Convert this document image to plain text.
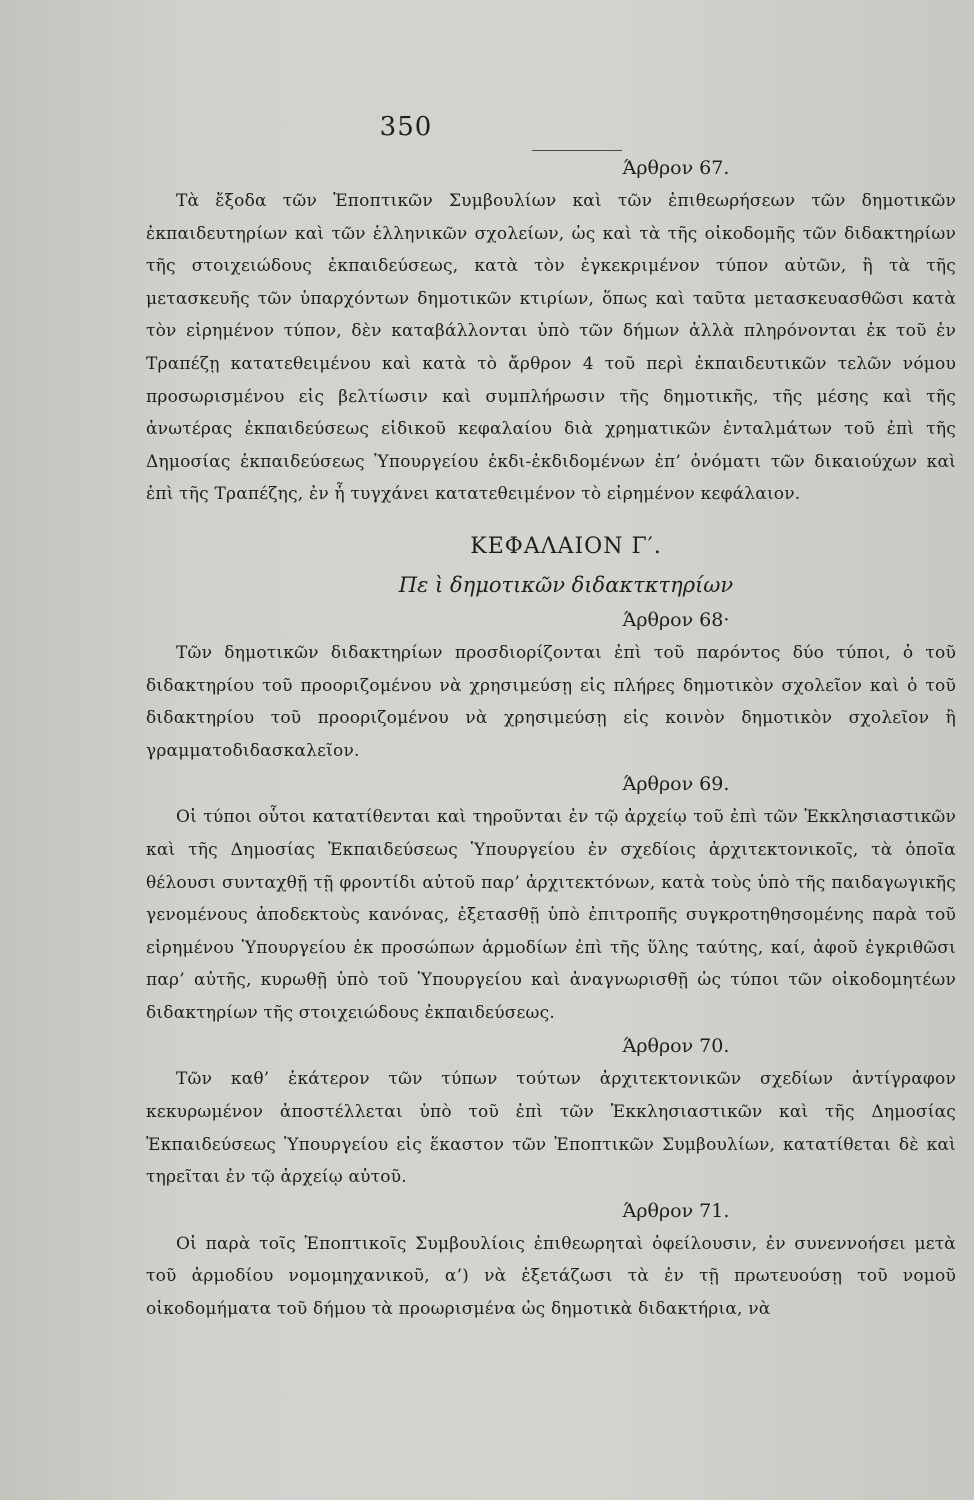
350
Άρθρον 67.

Τὰ ἔξοδα τῶν Ἐποπτικῶν Συμβουλίων καὶ τῶν ἐπιθεωρήσεων τῶν δημοτικῶν ἐκπαιδευτηρίων καὶ τῶν ἑλληνικῶν σχολείων, ὡς καὶ τὰ τῆς οἰκοδομῆς τῶν διδακτηρίων τῆς στοιχειώδους ἐκπαιδεύσεως, κατὰ τὸν ἐγκεκριμένον τύπον αὐτῶν, ἢ τὰ τῆς μετασκευῆς τῶν ὑπαρχόντων δημοτικῶν κτιρίων, ὅπως καὶ ταῦτα μετασκευασθῶσι κατὰ τὸν εἰρημένον τύπον, δὲν καταβάλλονται ὑπὸ τῶν δήμων ἀλλὰ πληρόνονται ἐκ τοῦ ἐν Τραπέζῃ κατατεθειμένου καὶ κατὰ τὸ ἄρθρον 4 τοῦ περὶ ἐκπαιδευτικῶν τελῶν νόμου προσωρισμένου εἰς βελτίωσιν καὶ συμπλήρωσιν τῆς δημοτικῆς, τῆς μέσης καὶ τῆς ἀνωτέρας ἐκπαιδεύσεως εἰδικοῦ κεφαλαίου διὰ χρηματικῶν ἐνταλμάτων τοῦ ἐπὶ τῆς Δημοσίας ἐκπαιδεύσεως Ὑπουργείου ἐκδι-ἐκδιδομένων ἐπ’ ὀνόματι τῶν δικαιούχων καὶ ἐπὶ τῆς Τραπέζης, ἐν ἧ τυγχάνει κατατεθειμένον τὸ εἰρημένον κεφάλαιον.

ΚΕΦΑΛΑΙΟΝ Γ′.
Πε ὶ δημοτικῶν διδακτκτηρίων
Άρθρον 68·

Τῶν δημοτικῶν διδακτηρίων προσδιορίζονται ἐπὶ τοῦ παρόντος δύο τύποι, ὁ τοῦ διδακτηρίου τοῦ προοριζομένου νὰ χρησιμεύσῃ εἰς πλήρες δημοτικὸν σχολεῖον καὶ ὁ τοῦ διδακτηρίου τοῦ προοριζομένου νὰ χρησιμεύσῃ εἰς κοινὸν δημοτικὸν σχολεῖον ἢ γραμματοδιδασκαλεῖον.

Άρθρον 69.

Οἱ τύποι οὗτοι κατατίθενται καὶ τηροῦνται ἐν τῷ ἀρχείῳ τοῦ ἐπὶ τῶν Ἐκκλησιαστικῶν καὶ τῆς Δημοσίας Ἐκπαιδεύσεως Ὑπουργείου ἐν σχεδίοις ἀρχιτεκτονικοῖς, τὰ ὁποῖα θέλουσι συνταχθῇ τῇ φροντίδι αὐτοῦ παρ’ ἀρχιτεκτόνων, κατὰ τοὺς ὑπὸ τῆς παιδαγωγικῆς γενομένους ἀποδεκτοὺς κανόνας, ἐξετασθῇ ὑπὸ ἐπιτροπῆς συγκροτηθησομένης παρὰ τοῦ εἰρημένου Ὑπουργείου ἐκ προσώπων ἁρμοδίων ἐπὶ τῆς ὕλης ταύτης, καί, ἀφοῦ ἐγκριθῶσι παρ’ αὐτῆς, κυρωθῇ ὑπὸ τοῦ Ὑπουργείου καὶ ἀναγνωρισθῇ ὡς τύποι τῶν οἰκοδομητέων διδακτηρίων τῆς στοιχειώδους ἐκπαιδεύσεως.

Άρθρον 70.

Τῶν καθ’ ἑκάτερον τῶν τύπων τούτων ἀρχιτεκτονικῶν σχεδίων ἀντίγραφον κεκυρωμένον ἀποστέλλεται ὑπὸ τοῦ ἐπὶ τῶν Ἐκκλησιαστικῶν καὶ τῆς Δημοσίας Ἐκπαιδεύσεως Ὑπουργείου εἰς ἕκαστον τῶν Ἐποπτικῶν Συμβουλίων, κατατίθεται δὲ καὶ τηρεῖται ἐν τῷ ἀρχείῳ αὐτοῦ.

Άρθρον 71.

Οἱ παρὰ τοῖς Ἐποπτικοῖς Συμβουλίοις ἐπιθεωρηταὶ ὀφείλουσιν, ἐν συνεννοήσει μετὰ τοῦ ἁρμοδίου νομομηχανικοῦ, α’) νὰ ἐξετάζωσι τὰ ἐν τῇ πρωτευούσῃ τοῦ νομοῦ οἰκοδομήματα τοῦ δήμου τὰ προωρισμένα ὡς δημοτικὰ διδακτήρια, νὰ
